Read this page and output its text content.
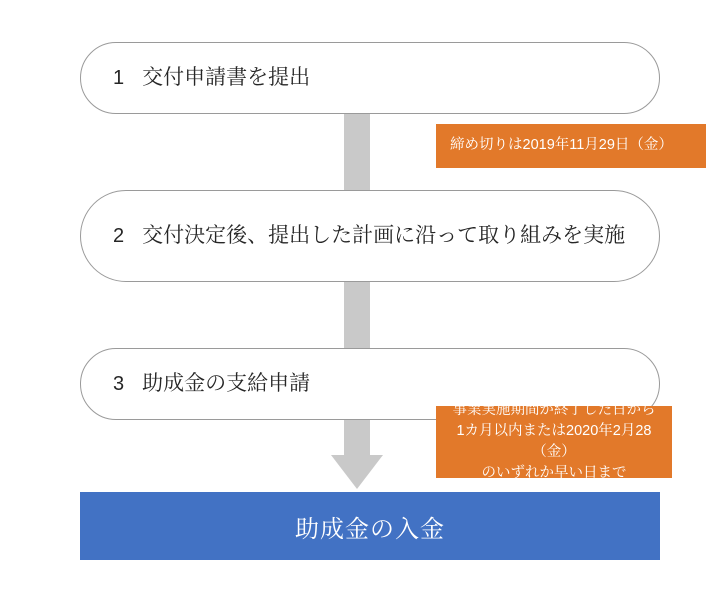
1 交付申請書を提出
2 交付決定後、提出した計画に沿って取り組みを実施
3 助成金の支給申請
締め切りは2019年11月29日（金）
事業実施期間が終了した日から
1カ月以内または2020年2月28（金）
のいずれか早い日まで
助成金の入金
